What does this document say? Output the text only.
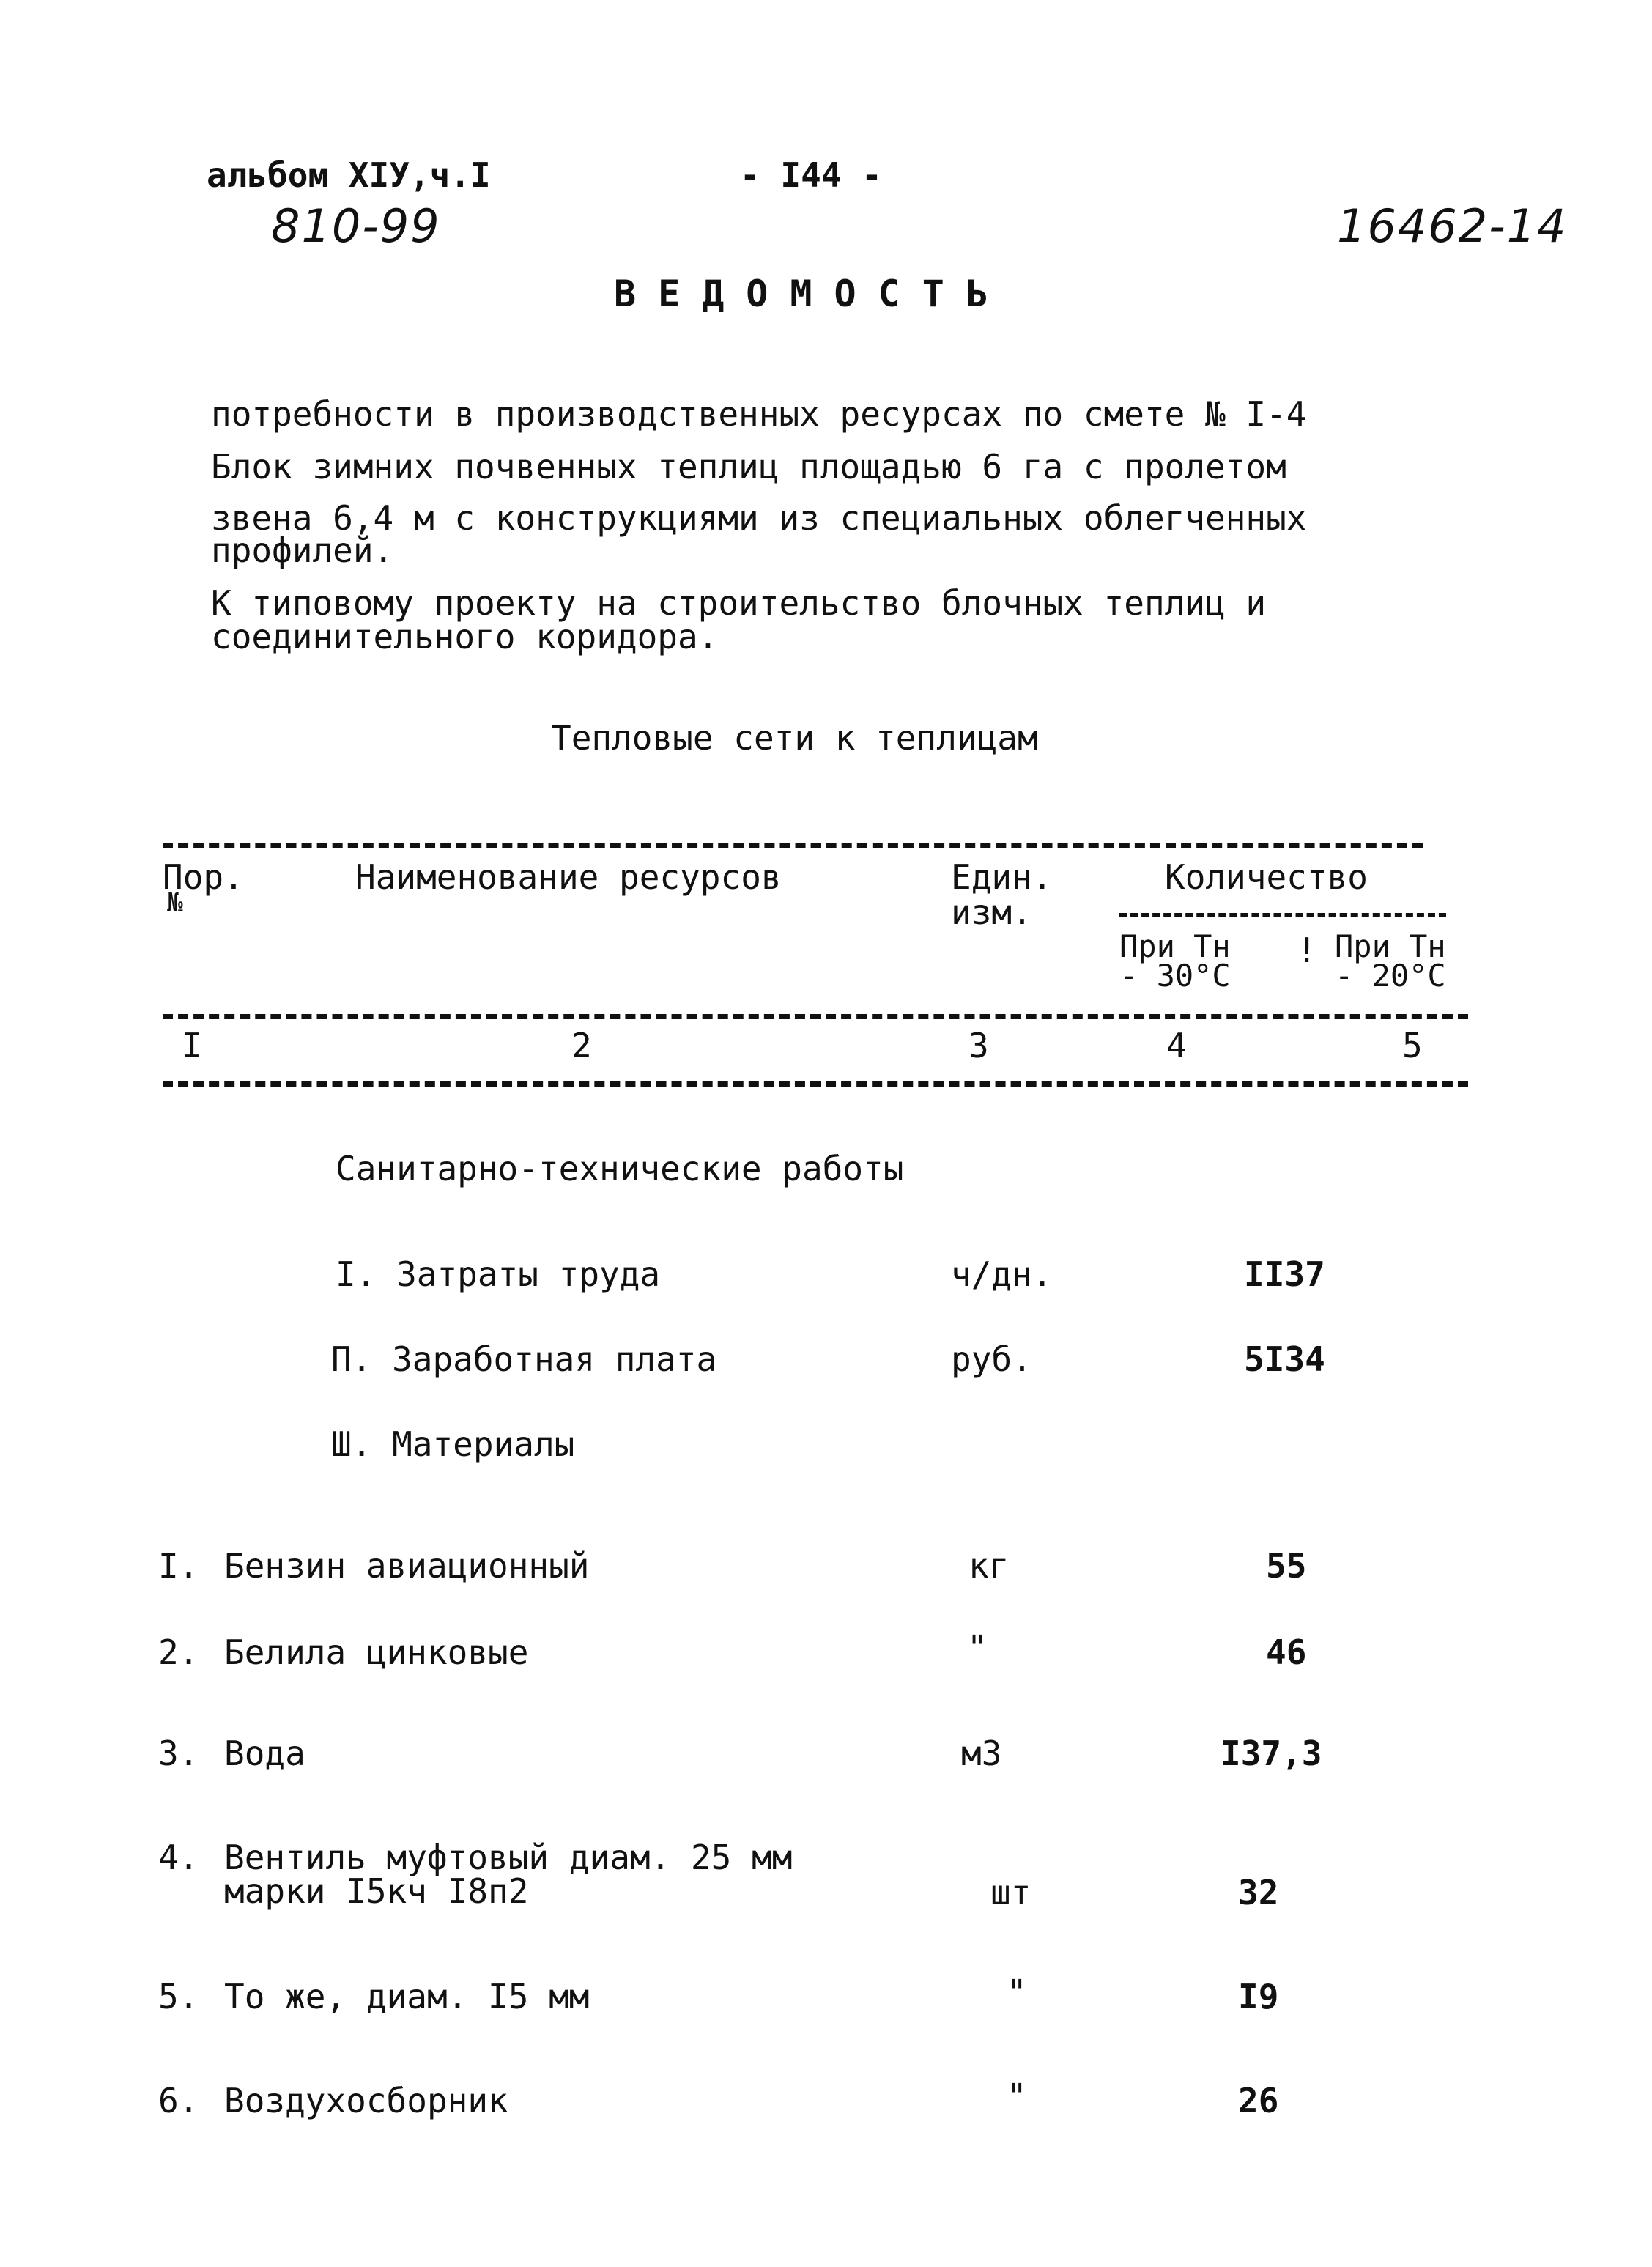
альбом XIУ,ч.I	- I44 -
810-99	16462-14
ВЕДОМОСТЬ
потребности в производственных ресурсах по смете № I-4
Блок зимних почвенных теплиц площадью 6 га с пролетом
звена 6,4 м с конструкциями из специальных облегченных
профилей.
К типовому проекту на строительство блочных теплиц и
соединительного коридора.
Тепловые сети к теплицам
Пор.
№
Наименование ресурсов	Един.
изм.
Количество
При Тн
- 30°С
! При Тн
- 20°С
I	2	3	4	5
Санитарно-технические работы
I. Затраты труда	ч/дн.	II37
П. Заработная плата	руб.	5I34
Ш. Материалы
I. Бензин авиационный	кг	55
2. Белила цинковые	"	46
3. Вода	м3	I37,3
4. Вентиль муфтовый диам. 25 мм
марки I5кч I8п2	шт	32
5. То же, диам. I5 мм	"	I9
6. Воздухосборник	"	26
